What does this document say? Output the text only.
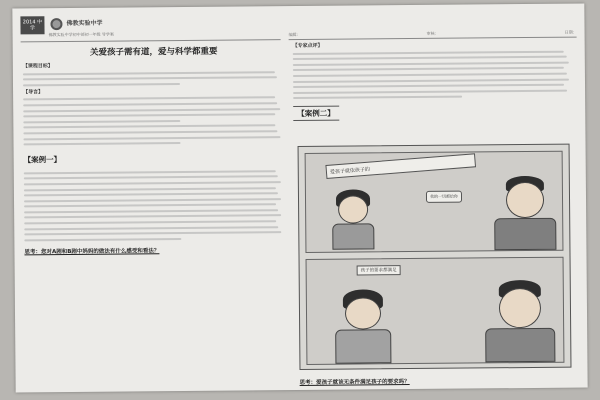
2014 中学
佛教实验中学
佛教实验中学初中部初一年级 导学案	编辑：	审核：	日期：
关爱孩子需有道，爱与科学都重要
【课程目标】
【导言】
【案例一】
思考：您对A剧和B剧中妈妈的做法有什么感受和看法？
【专家点评】
【案例二】
爱孩子就依孩子的
我的一切都给你
孩子的要求都满足
思考：爱孩子就该无条件满足孩子的要求吗？
